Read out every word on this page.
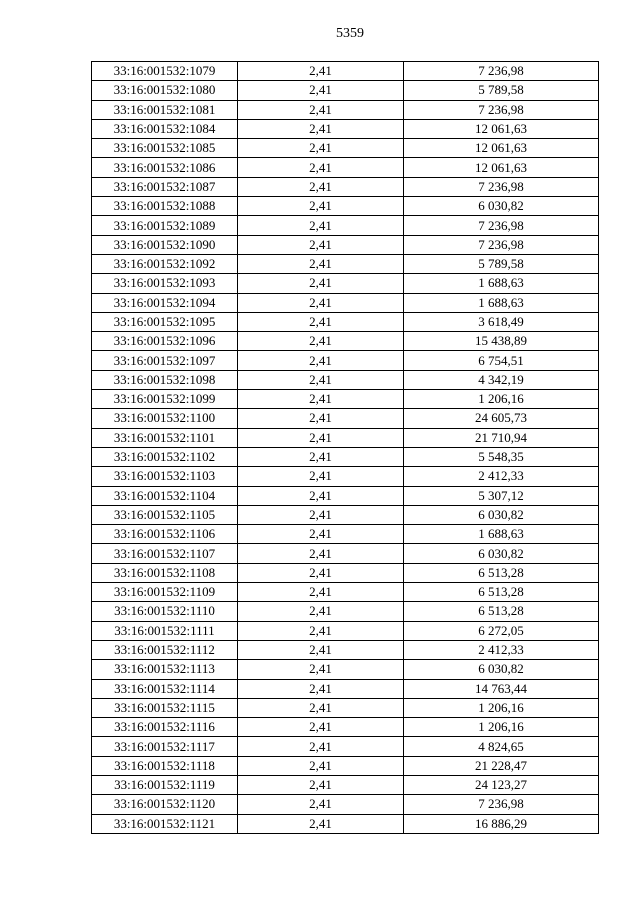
5359
33:16:001532:1079	2,41	7 236,98
33:16:001532:1080	2,41	5 789,58
33:16:001532:1081	2,41	7 236,98
33:16:001532:1084	2,41	12 061,63
33:16:001532:1085	2,41	12 061,63
33:16:001532:1086	2,41	12 061,63
33:16:001532:1087	2,41	7 236,98
33:16:001532:1088	2,41	6 030,82
33:16:001532:1089	2,41	7 236,98
33:16:001532:1090	2,41	7 236,98
33:16:001532:1092	2,41	5 789,58
33:16:001532:1093	2,41	1 688,63
33:16:001532:1094	2,41	1 688,63
33:16:001532:1095	2,41	3 618,49
33:16:001532:1096	2,41	15 438,89
33:16:001532:1097	2,41	6 754,51
33:16:001532:1098	2,41	4 342,19
33:16:001532:1099	2,41	1 206,16
33:16:001532:1100	2,41	24 605,73
33:16:001532:1101	2,41	21 710,94
33:16:001532:1102	2,41	5 548,35
33:16:001532:1103	2,41	2 412,33
33:16:001532:1104	2,41	5 307,12
33:16:001532:1105	2,41	6 030,82
33:16:001532:1106	2,41	1 688,63
33:16:001532:1107	2,41	6 030,82
33:16:001532:1108	2,41	6 513,28
33:16:001532:1109	2,41	6 513,28
33:16:001532:1110	2,41	6 513,28
33:16:001532:1111	2,41	6 272,05
33:16:001532:1112	2,41	2 412,33
33:16:001532:1113	2,41	6 030,82
33:16:001532:1114	2,41	14 763,44
33:16:001532:1115	2,41	1 206,16
33:16:001532:1116	2,41	1 206,16
33:16:001532:1117	2,41	4 824,65
33:16:001532:1118	2,41	21 228,47
33:16:001532:1119	2,41	24 123,27
33:16:001532:1120	2,41	7 236,98
33:16:001532:1121	2,41	16 886,29
